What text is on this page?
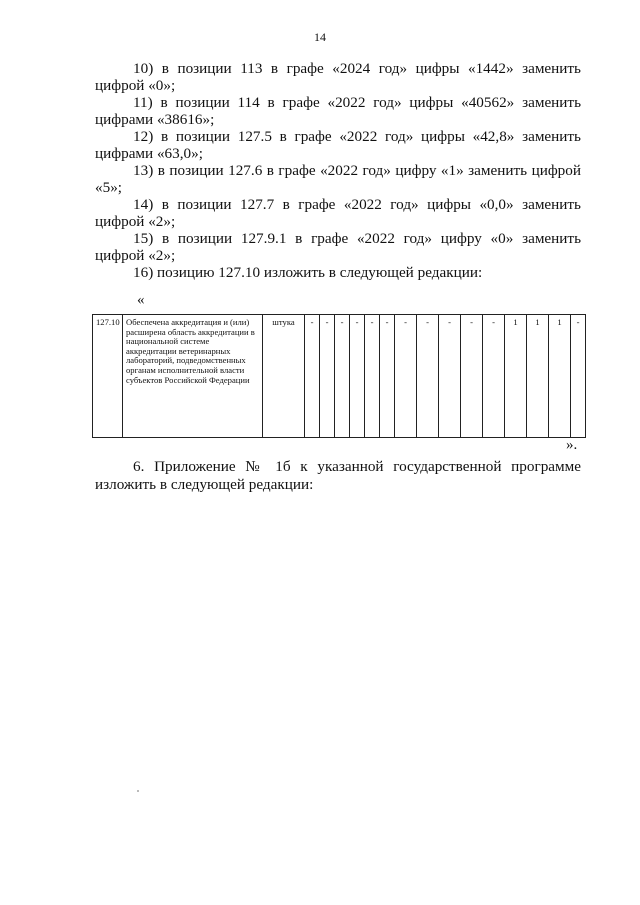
14

10) в позиции 113 в графе «2024 год» цифры «1442» заменить цифрой «0»;

11) в позиции 114 в графе «2022 год» цифры «40562» заменить цифрами «38616»;

12) в позиции 127.5 в графе «2022 год» цифры «42,8» заменить цифрами «63,0»;

13) в позиции 127.6 в графе «2022 год» цифру «1» заменить цифрой «5»;

14) в позиции 127.7 в графе «2022 год» цифры «0,0» заменить цифрой «2»;

15) в позиции 127.9.1 в графе «2022 год» цифру «0» заменить цифрой «2»;

16) позицию 127.10 изложить в следующей редакции:

«
127.10	Обеспечена аккредитация и (или) расширена область аккредитации в национальной системе аккредитации ветеринарных лабораторий, подведомственных органам исполнительной власти субъектов Российской Федерации	штука	-	-	-	-	-	-	-	-	-	-	-	1	1	1	-
».

6. Приложение № 1б к указанной государственной программе изложить в следующей редакции:
